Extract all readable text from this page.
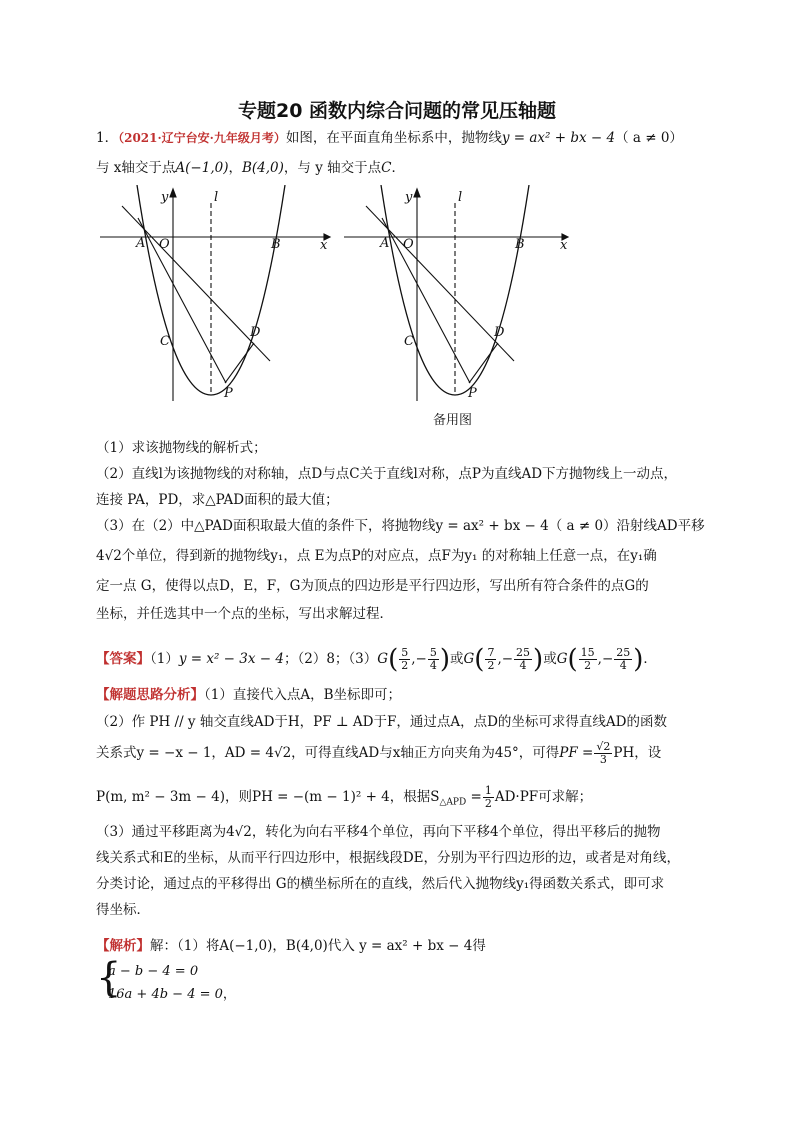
专题20 函数内综合问题的常见压轴题
1．（2021·辽宁台安·九年级月考）如图，在平面直角坐标系中，抛物线y = ax² + bx − 4（ a ≠ 0）
与 x轴交于点A(−1,0)，B(4,0)，与 y 轴交于点C．
y
x
l
A O	B
C
D
P
y
x
l
A O	B
C
D
P
备用图
（1）求该抛物线的解析式；
（2）直线l为该抛物线的对称轴，点D与点C关于直线l对称，点P为直线AD下方抛物线上一动点，
连接 PA，PD，求△PAD面积的最大值；
（3）在（2）中△PAD面积取最大值的条件下，将抛物线y = ax² + bx − 4（ a ≠ 0）沿射线AD平移
4√2个单位，得到新的抛物线y₁，点 E为点P的对应点，点F为y₁ 的对称轴上任意一点，在y₁确
定一点 G，使得以点D，E，F，G为顶点的四边形是平行四边形，写出所有符合条件的点G的
坐标，并任选其中一个点的坐标，写出求解过程．
【答案】（1）y = x² − 3x − 4；（2）8；$(3)G( \frac{5}{2}$ ,− $\frac{5}{4}$ )或$G( \frac{7}{2}$ ,− $\frac{25}{4}$ )或$G( \frac{15}{2}$ ,− $\frac{25}{4}$ )．
【解题思路分析】（1）直接代入点A，B坐标即可；
（2）作 PH // y 轴交直线AD于H，PF ⊥ AD于F，通过点A，点D的坐标可求得直线AD的函数
关系式y = −x − 1，AD = 4√2，可得直线AD与x轴正方向夹角为45°，可得PF = $\frac{√2}{3}$ PH，设
P(m, m² − 3m − 4)，则PH = −(m − 1)² + 4，根据$S_{\triangle APD} = \frac{1}{2} AD\cdot PF$可求解；
（3）通过平移距离为4√2，转化为向右平移4个单位，再向下平移4个单位，得出平移后的抛物
线关系式和E的坐标，从而平行四边形中，根据线段DE，分别为平行四边形的边，或者是对角线，
分类讨论，通过点的平移得出 G的横坐标所在的直线，然后代入抛物线y₁得函数关系式，即可求
得坐标．
【解析】解：（1）将A(−1,0)，B(4,0)代入 y = ax² + bx − 4得
{
a − b − 4 = 0
16a + 4b − 4 = 0，
